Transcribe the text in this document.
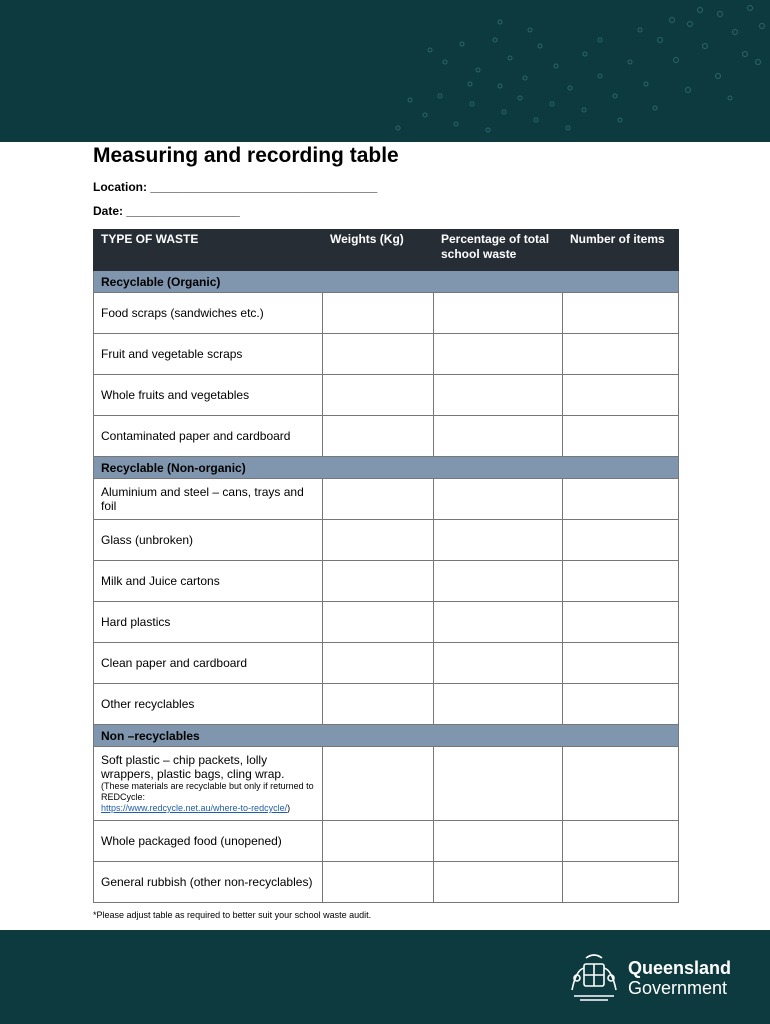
Measuring and recording table
Location: __________________________________
Date: _________________
TYPE OF WASTE	Weights (Kg)	Percentage of total school waste	Number of items
Recyclable (Organic)			
Food scraps (sandwiches etc.)			
Fruit and vegetable scraps			
Whole fruits and vegetables			
Contaminated paper and cardboard			
Recyclable (Non-organic)			
Aluminium and steel – cans, trays and foil			
Glass (unbroken)			
Milk and Juice cartons			
Hard plastics			
Clean paper and cardboard			
Other recyclables			
Non –recyclables			
Soft plastic – chip packets, lolly wrappers, plastic bags, cling wrap.
(These materials are recyclable but only if returned to REDCycle:
https://www.redcycle.net.au/where-to-redcycle/)			

Whole packaged food (unopened)			
General rubbish (other non-recyclables)			
*Please adjust table as required to better suit your school waste audit.
Queensland
Government
